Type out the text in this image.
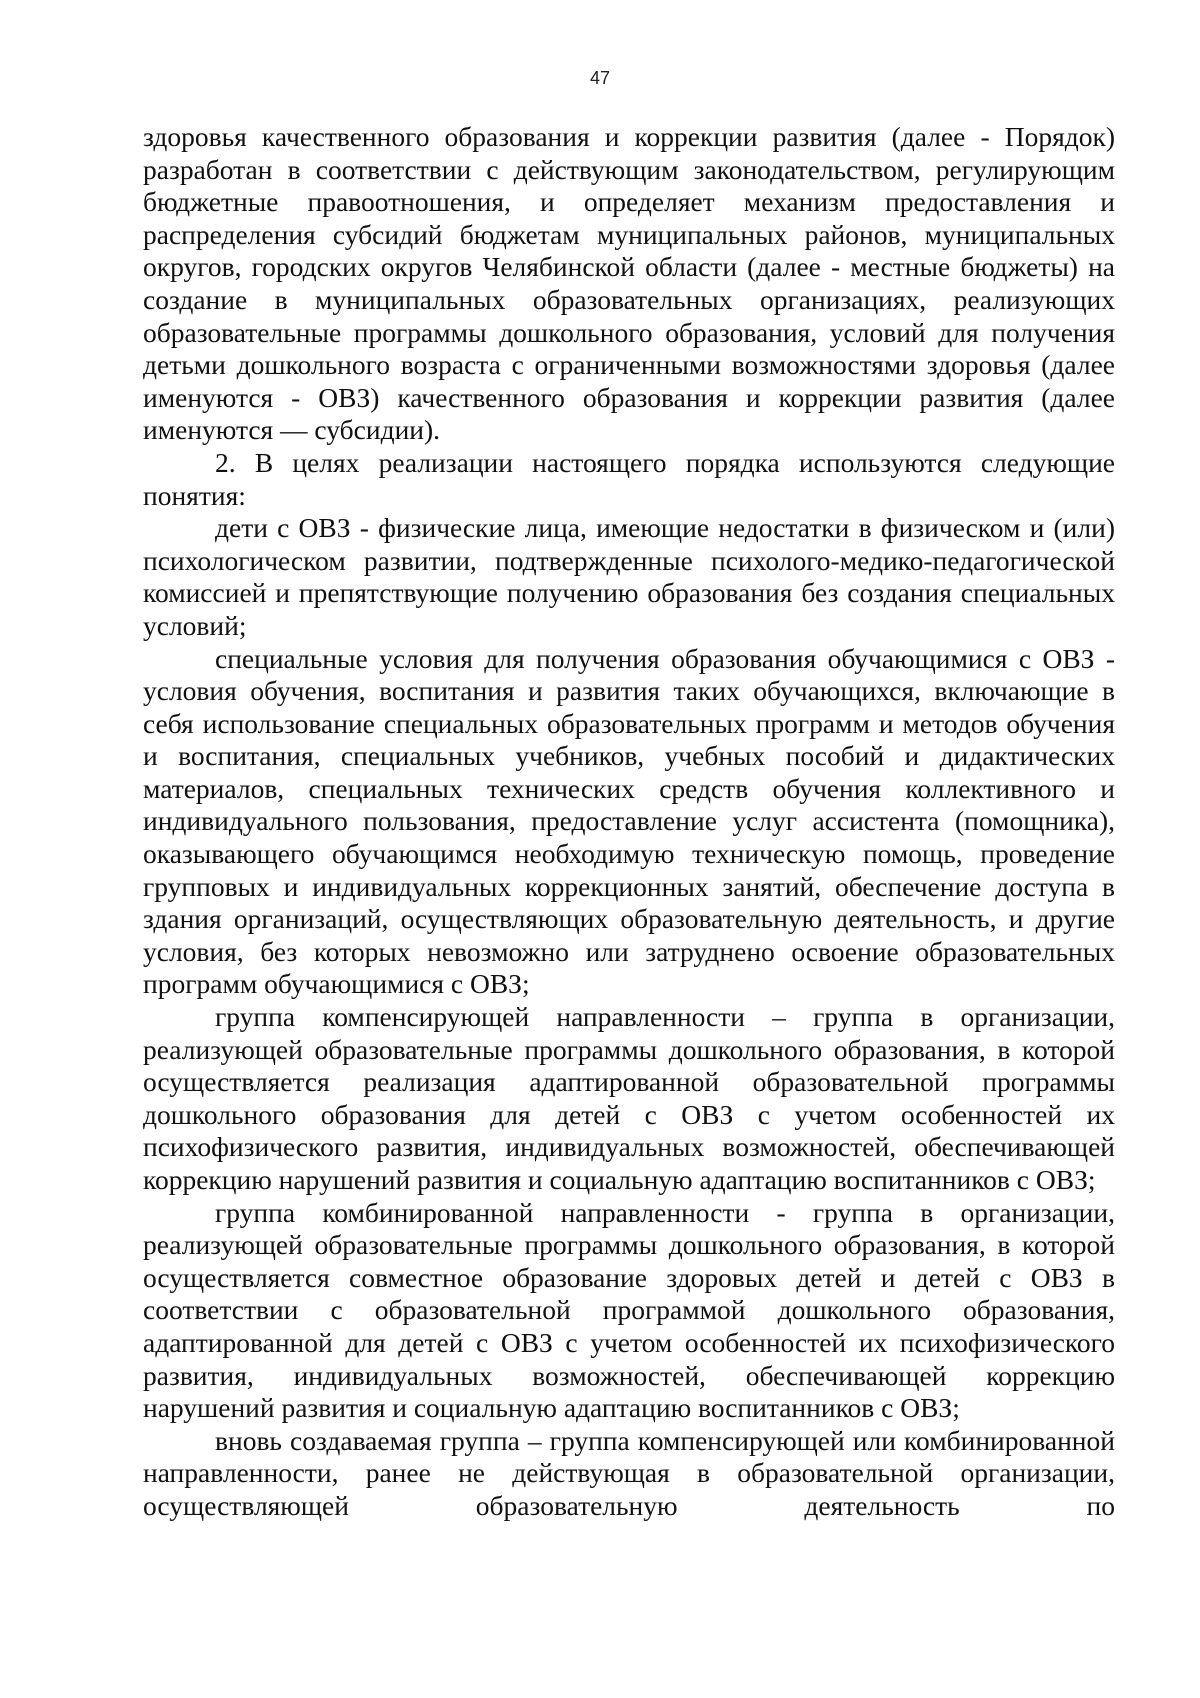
47

здоровья качественного образования и коррекции развития (далее - Порядок) разработан в соответствии с действующим законодательством, регулирующим бюджетные правоотношения, и определяет механизм предоставления и распределения субсидий бюджетам муниципальных районов, муниципальных округов, городских округов Челябинской области (далее - местные бюджеты) на создание в муниципальных образовательных организациях, реализующих образовательные программы дошкольного образования, условий для получения детьми дошкольного возраста с ограниченными возможностями здоровья (далее именуются - ОВЗ) качественного образования и коррекции развития (далее именуются — субсидии).

2. В целях реализации настоящего порядка используются следующие понятия:

дети с ОВЗ - физические лица, имеющие недостатки в физическом и (или) психологическом развитии, подтвержденные психолого-медико-педагогической комиссией и препятствующие получению образования без создания специальных условий;

специальные условия для получения образования обучающимися с ОВЗ - условия обучения, воспитания и развития таких обучающихся, включающие в себя использование специальных образовательных программ и методов обучения и воспитания, специальных учебников, учебных пособий и дидактических материалов, специальных технических средств обучения коллективного и индивидуального пользования, предоставление услуг ассистента (помощника), оказывающего обучающимся необходимую техническую помощь, проведение групповых и индивидуальных коррекционных занятий, обеспечение доступа в здания организаций, осуществляющих образовательную деятельность, и другие условия, без которых невозможно или затруднено освоение образовательных программ обучающимися с ОВЗ;

группа компенсирующей направленности – группа в организации, реализующей образовательные программы дошкольного образования, в которой осуществляется реализация адаптированной образовательной программы дошкольного образования для детей с ОВЗ с учетом особенностей их психофизического развития, индивидуальных возможностей, обеспечивающей коррекцию нарушений развития и социальную адаптацию воспитанников с ОВЗ;

группа комбинированной направленности - группа в организации, реализующей образовательные программы дошкольного образования, в которой осуществляется совместное образование здоровых детей и детей с ОВЗ в соответствии с образовательной программой дошкольного образования, адаптированной для детей с ОВЗ с учетом особенностей их психофизического развития, индивидуальных возможностей, обеспечивающей коррекцию нарушений развития и социальную адаптацию воспитанников с ОВЗ;

вновь создаваемая группа – группа компенсирующей или комбинированной направленности, ранее не действующая в образовательной организации, осуществляющей образовательную деятельность по
